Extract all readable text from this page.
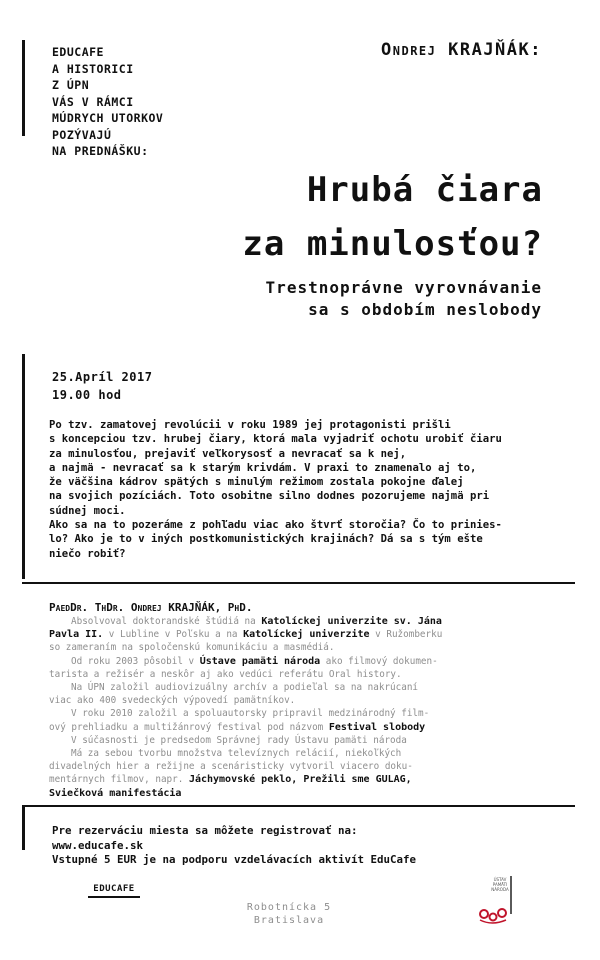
EDUCAFE
A HISTORICI
Z ÚPN
VÁS V RÁMCI
MÚDRYCH UTORKOV
POZÝVAJÚ
NA PREDNÁŠKU:
Ondrej KRAJŇÁK:
Hrubá čiara
za minulosťou?
Trestnoprávne vyrovnávanie
sa s obdobím neslobody
25.Apríl 2017
19.00 hod
Po tzv. zamatovej revolúcii v roku 1989 jej protagonisti prišli
s koncepciou tzv. hrubej čiary, ktorá mala vyjadriť ochotu urobiť čiaru
za minulosťou, prejaviť veľkorysosť a nevracať sa k nej,
a najmä - nevracať sa k starým krivdám. V praxi to znamenalo aj to,
že väčšina kádrov spätých s minulým režimom zostala pokojne ďalej
na svojich pozíciách. Toto osobitne silno dodnes pozorujeme najmä pri
súdnej moci.
Ako sa na to pozeráme z pohľadu viac ako štvrť storočia? Čo to prinies-
lo? Ako je to v iných postkomunistických krajinách? Dá sa s tým ešte
niečo robiť?
PaedDr. ThDr. Ondrej KRAJŇÁK, PhD.
Absolvoval doktorandské štúdiá na Katolíckej univerzite sv. Jána
Pavla II. v Lubline v Poľsku a na Katolíckej univerzite v Ružomberku
so zameraním na spoločenskú komunikáciu a masmédiá.
Od roku 2003 pôsobil v Ústave pamäti národa ako filmový dokumen-
tarista a režisér a neskôr aj ako vedúci referátu Oral history.
Na ÚPN založil audiovizuálny archív a podieľal sa na nakrúcaní
viac ako 400 svedeckých výpovedí pamätníkov.
V roku 2010 založil a spoluautorsky pripravil medzinárodný film-
ový prehliadku a multižánrový festival pod názvom Festival slobody
V súčasnosti je predsedom Správnej rady Ústavu pamäti národa
Má za sebou tvorbu množstva televíznych relácií, niekoľkých
divadelných hier a režijne a scenáristicky vytvoril viacero doku-
mentárnych filmov, napr. Jáchymovské peklo, Prežili sme GULAG,
Sviečková manifestácia
Pre rezerváciu miesta sa môžete registrovať na:
www.educafe.sk
Vstupné 5 EUR je na podporu vzdelávacích aktivít EduCafe
EDUCAFE
Robotnícka 5
Bratislava
ÚSTAV
PAMÄTI
NÁRODA
